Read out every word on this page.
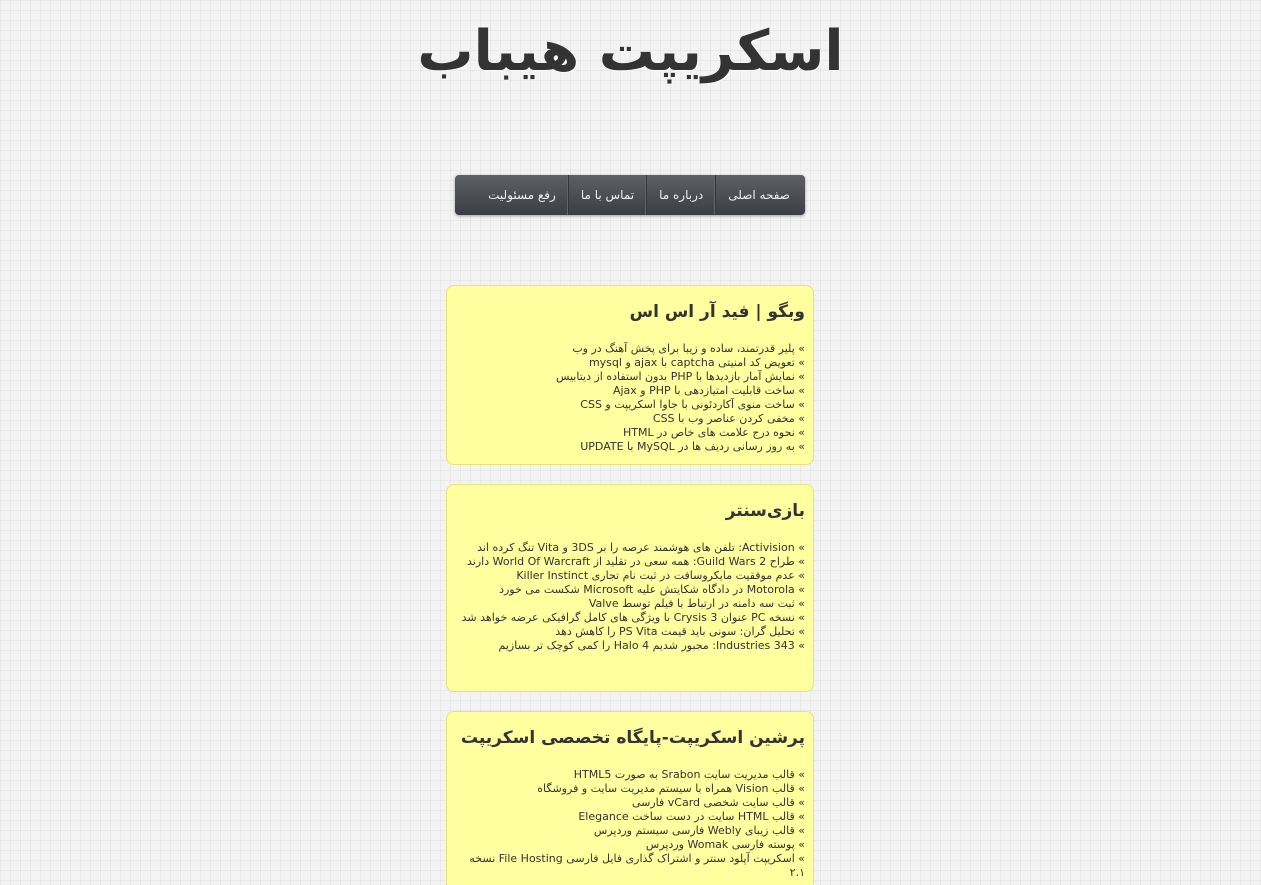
اسکریپت هیباب
صفحه اصلی
درباره ما
تماس با ما
رفع مسئولیت
وبگو | فید آر اس اس
» پلیر قدرتمند، ساده و زیبا برای پخش آهنگ در وب
» تعویض کد امنیتی captcha با ajax و mysql
» نمایش آمار بازدیدها با PHP بدون استفاده از دیتابیس
» ساخت قابلیت امتیازدهی با PHP و Ajax
» ساخت منوی آکاردئونی با جاوا اسکریپت و CSS
» مخفی کردن عناصر وب با CSS
» نحوه درج علامت های خاص در HTML
» به روز رسانی ردیف ها در MySQL با UPDATE
بازی‌سنتر
» Activision: تلفن های هوشمند عرصه را بر 3DS و Vita تنگ کرده اند
» طراح Guild Wars 2: همه سعی در تقلید از World Of Warcraft دارند
» عدم موفقیت مایکروسافت در ثبت نام تجاری Killer Instinct
» Motorola در دادگاه شکایتش علیه Microsoft شکست می خورد
» ثبت سه دامنه در ارتباط با فیلم توسط Valve
» نسخه PC عنوان Crysis 3 با ویژگی های کامل گرافیکی عرضه خواهد شد
» تحلیل گران: سونی باید قیمت PS Vita را کاهش دهد
» 343 Industries: مجبور شدیم Halo 4 را کمی کوچک تر بسازیم
پرشین اسکریپت-پایگاه تخصصی اسکریپت
» قالب مدیریت سایت Srabon به صورت HTML5
» قالب Vision همراه با سیستم مدیریت سایت و فروشگاه
» قالب سایت شخصی vCard فارسی
» قالب HTML سایت در دست ساخت Elegance
» قالب زیبای Webly فارسی سیستم وردپرس
» پوسته فارسی Womak وردپرس
» اسکریپت آپلود سنتر و اشتراک گذاری فایل فارسی File Hosting نسخه ۲.۱
